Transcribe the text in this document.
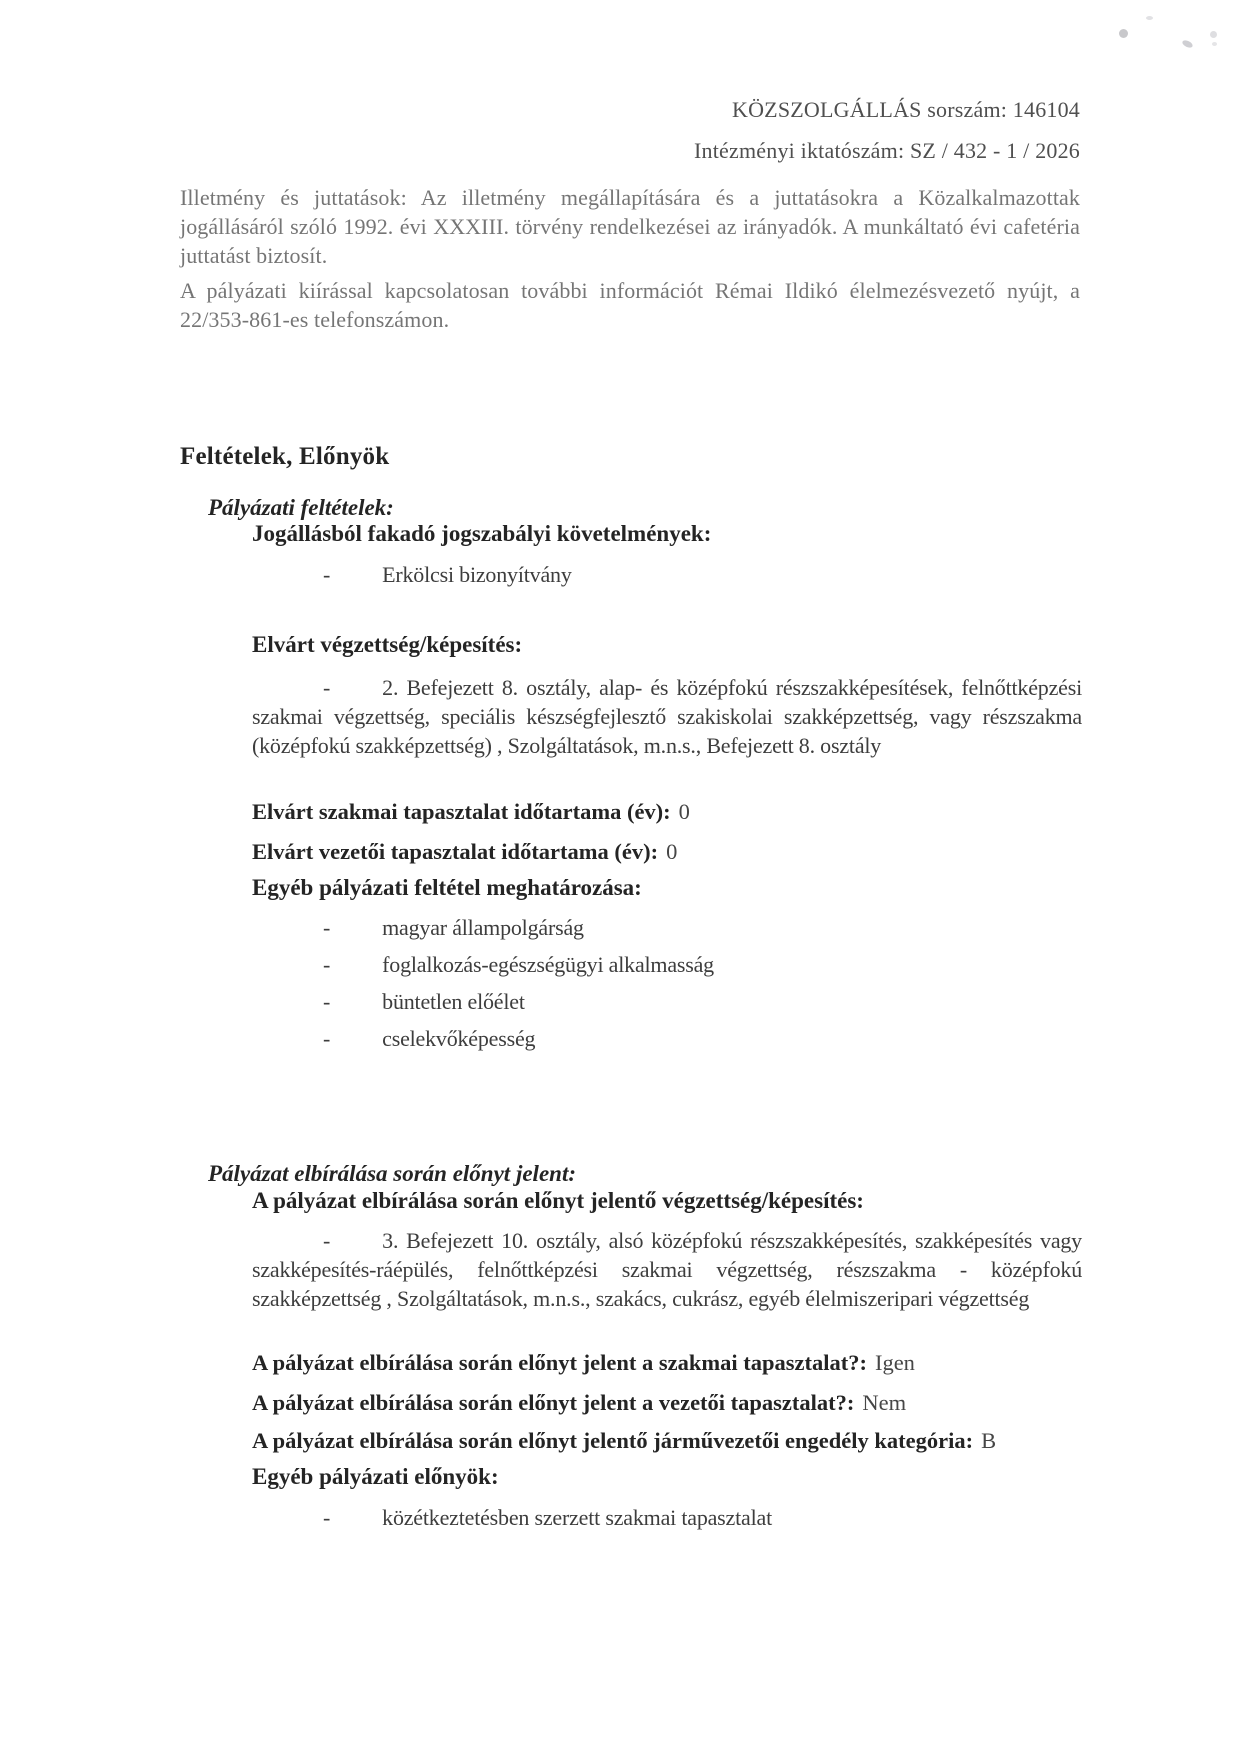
KÖZSZOLGÁLLÁS sorszám: 146104
Intézményi iktatószám: SZ / 432 - 1 / 2026
Illetmény és juttatások: Az illetmény megállapítására és a juttatásokra a Közalkalmazottak jogállásáról szóló 1992. évi XXXIII. törvény rendelkezései az irányadók. A munkáltató évi cafetéria juttatást biztosít.
A pályázati kiírással kapcsolatosan további információt Rémai Ildikó élelmezésvezető nyújt, a 22/353-861-es telefonszámon.
Feltételek, Előnyök
Pályázati feltételek:
Jogállásból fakadó jogszabályi követelmények:
- Erkölcsi bizonyítvány
Elvárt végzettség/képesítés:
- 2. Befejezett 8. osztály, alap- és középfokú részszakképesítések, felnőttképzési szakmai végzettség, speciális készségfejlesztő szakiskolai szakképzettség, vagy részszakma (középfokú szakképzettség) , Szolgáltatások, m.n.s., Befejezett 8. osztály
Elvárt szakmai tapasztalat időtartama (év): 0
Elvárt vezetői tapasztalat időtartama (év): 0
Egyéb pályázati feltétel meghatározása:
- magyar állampolgárság
- foglalkozás-egészségügyi alkalmasság
- büntetlen előélet
- cselekvőképesség
Pályázat elbírálása során előnyt jelent:
A pályázat elbírálása során előnyt jelentő végzettség/képesítés:
- 3. Befejezett 10. osztály, alsó középfokú részszakképesítés, szakképesítés vagy szakképesítés-ráépülés, felnőttképzési szakmai végzettség, részszakma - középfokú szakképzettség , Szolgáltatások, m.n.s., szakács, cukrász, egyéb élelmiszeripari végzettség
A pályázat elbírálása során előnyt jelent a szakmai tapasztalat?: Igen
A pályázat elbírálása során előnyt jelent a vezetői tapasztalat?: Nem
A pályázat elbírálása során előnyt jelentő járművezetői engedély kategória: B
Egyéb pályázati előnyök:
- közétkeztetésben szerzett szakmai tapasztalat
